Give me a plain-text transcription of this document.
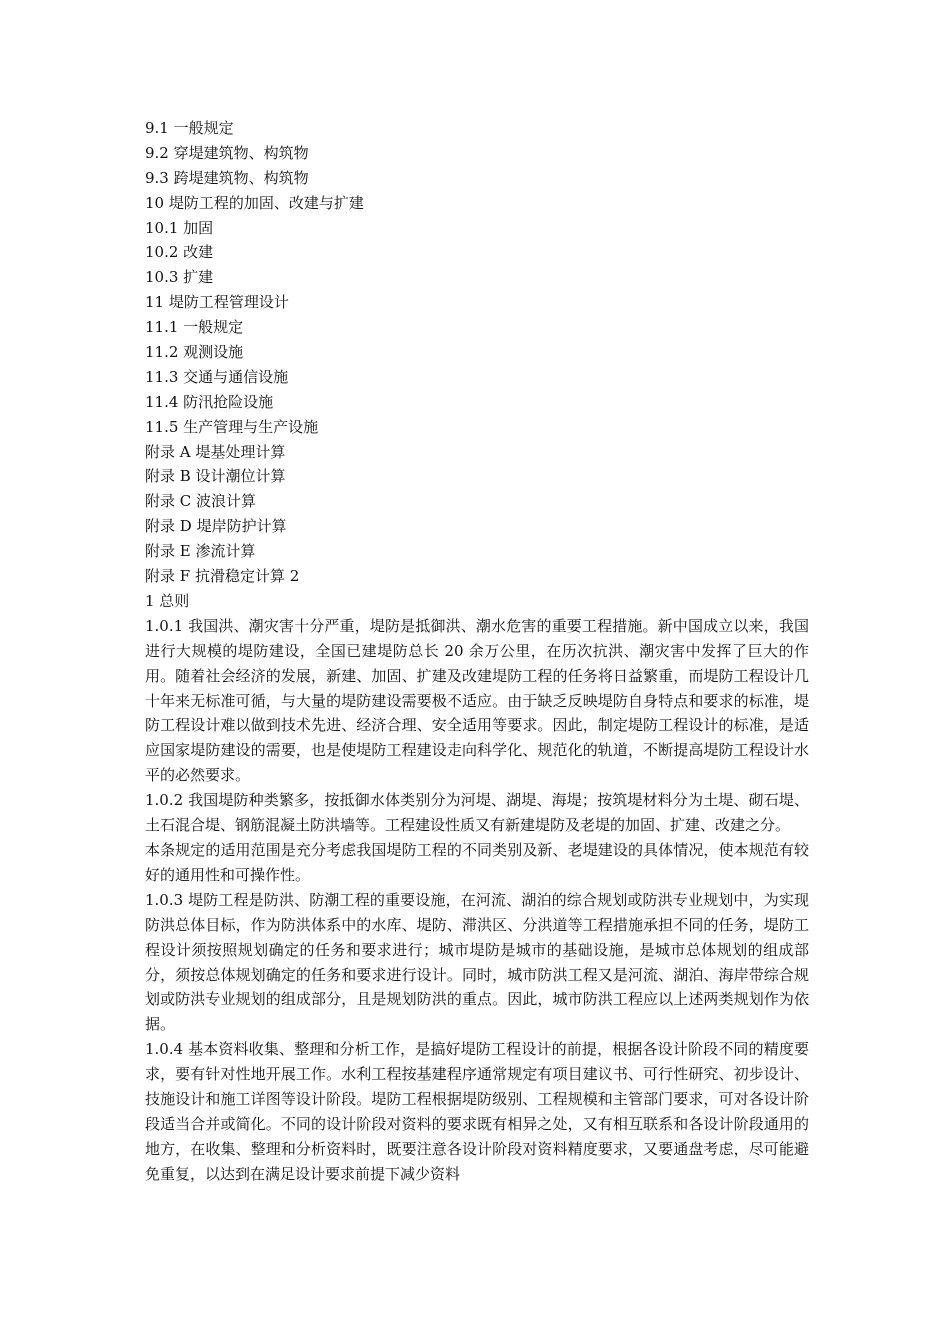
9.1 一般规定
9.2 穿堤建筑物、构筑物
9.3 跨堤建筑物、构筑物
10 堤防工程的加固、改建与扩建
10.1 加固
10.2 改建
10.3 扩建
11 堤防工程管理设计
11.1 一般规定
11.2 观测设施
11.3 交通与通信设施
11.4 防汛抢险设施
11.5 生产管理与生产设施
附录 A 堤基处理计算
附录 B 设计潮位计算
附录 C 波浪计算
附录 D 堤岸防护计算
附录 E 渗流计算
附录 F 抗滑稳定计算 2
1 总则

1.0.1 我国洪、潮灾害十分严重，堤防是抵御洪、潮水危害的重要工程措施。新中国成立以来，我国进行大规模的堤防建设，全国已建堤防总长 20 余万公里，在历次抗洪、潮灾害中发挥了巨大的作用。随着社会经济的发展，新建、加固、扩建及改建堤防工程的任务将日益繁重，而堤防工程设计几十年来无标准可循，与大量的堤防建设需要极不适应。由于缺乏反映堤防自身特点和要求的标准，堤防工程设计难以做到技术先进、经济合理、安全适用等要求。因此，制定堤防工程设计的标准，是适应国家堤防建设的需要，也是使堤防工程建设走向科学化、规范化的轨道，不断提高堤防工程设计水平的必然要求。

1.0.2 我国堤防种类繁多，按抵御水体类别分为河堤、湖堤、海堤；按筑堤材料分为土堤、砌石堤、土石混合堤、钢筋混凝土防洪墙等。工程建设性质又有新建堤防及老堤的加固、扩建、改建之分。

本条规定的适用范围是充分考虑我国堤防工程的不同类别及新、老堤建设的具体情况，使本规范有较好的通用性和可操作性。

1.0.3 堤防工程是防洪、防潮工程的重要设施，在河流、湖泊的综合规划或防洪专业规划中，为实现防洪总体目标，作为防洪体系中的水库、堤防、滞洪区、分洪道等工程措施承担不同的任务，堤防工程设计须按照规划确定的任务和要求进行；城市堤防是城市的基础设施，是城市总体规划的组成部分，须按总体规划确定的任务和要求进行设计。同时，城市防洪工程又是河流、湖泊、海岸带综合规划或防洪专业规划的组成部分，且是规划防洪的重点。因此，城市防洪工程应以上述两类规划作为依据。

1.0.4 基本资料收集、整理和分析工作，是搞好堤防工程设计的前提，根据各设计阶段不同的精度要求，要有针对性地开展工作。水利工程按基建程序通常规定有项目建议书、可行性研究、初步设计、技施设计和施工详图等设计阶段。堤防工程根据堤防级别、工程规模和主管部门要求，可对各设计阶段适当合并或简化。不同的设计阶段对资料的要求既有相异之处，又有相互联系和各设计阶段通用的地方，在收集、整理和分析资料时，既要注意各设计阶段对资料精度要求，又要通盘考虑，尽可能避免重复，以达到在满足设计要求前提下减少资料
